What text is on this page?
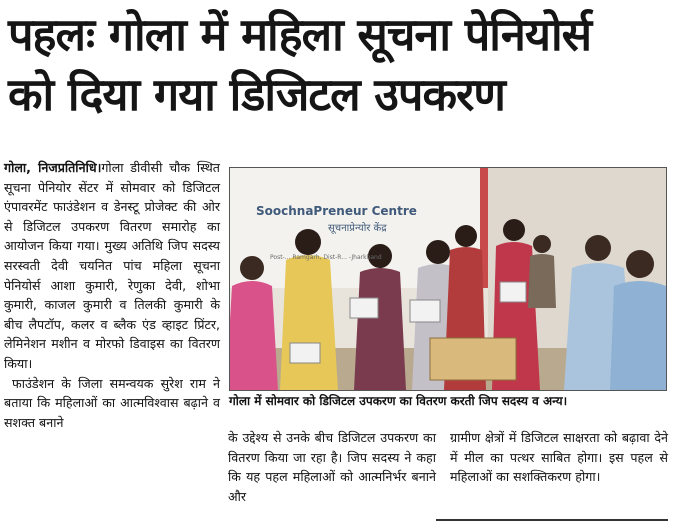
पहलः गोला में महिला सूचना पेनियोर्स
को दिया गया डिजिटल उपकरण

गोला, निजप्रतिनिधि।गोला डीवीसी चौक स्थित सूचना पेनियोर सेंटर में सोमवार को डिजिटल एंपावरमेंट फाउंडेशन व डेनस्टू प्रोजेक्ट की ओर से डिजिटल उपकरण वितरण समारोह का आयोजन किया गया। मुख्य अतिथि जिप सदस्य सरस्वती देवी चयनित पांच महिला सूचना पेनियोर्स आशा कुमारी, रेणुका देवी, शोभा कुमारी, काजल कुमारी व तिलकी कुमारी के बीच लैपटॉप, कलर व ब्लैक एंड व्हाइट प्रिंटर, लेमिनेशन मशीन व मोरफो डिवाइस का वितरण किया।

फाउंडेशन के जिला समन्वयक सुरेश राम ने बताया कि महिलाओं का आत्मविश्वास बढ़ाने व सशक्त बनाने

SoochnaPreneur Centre
सूचनाप्रेन्योर केंद्र
Post-... Ramgarh, Dist-R... -Jharkhand
गोला में सोमवार को डिजिटल उपकरण का वितरण करती जिप सदस्य व अन्य।

के उद्देश्य से उनके बीच डिजिटल उपकरण का वितरण किया जा रहा है। जिप सदस्य ने कहा कि यह पहल महिलाओं को आत्मनिर्भर बनाने और

ग्रामीण क्षेत्रों में डिजिटल साक्षरता को बढ़ावा देने में मील का पत्थर साबित होगा। इस पहल से महिलाओं का सशक्तिकरण होगा।
